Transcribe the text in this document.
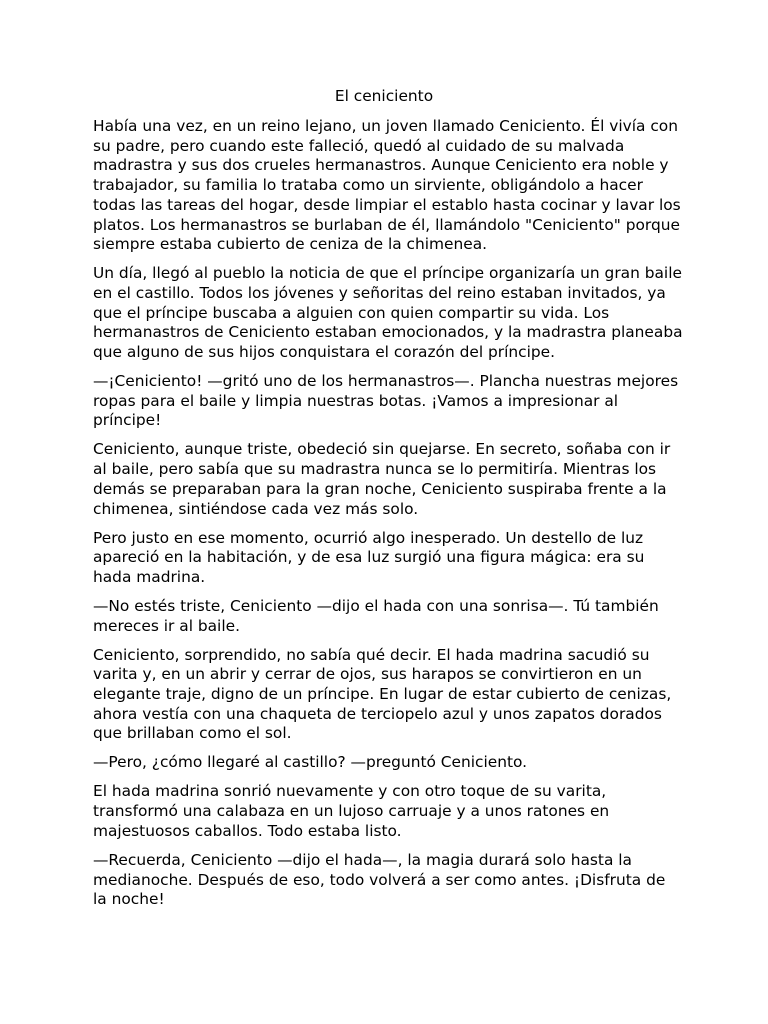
El ceniciento

Había una vez, en un reino lejano, un joven llamado Ceniciento. Él vivía con su padre, pero cuando este falleció, quedó al cuidado de su malvada madrastra y sus dos crueles hermanastros. Aunque Ceniciento era noble y trabajador, su familia lo trataba como un sirviente, obligándolo a hacer todas las tareas del hogar, desde limpiar el establo hasta cocinar y lavar los platos. Los hermanastros se burlaban de él, llamándolo "Ceniciento" porque siempre estaba cubierto de ceniza de la chimenea.

Un día, llegó al pueblo la noticia de que el príncipe organizaría un gran baile en el castillo. Todos los jóvenes y señoritas del reino estaban invitados, ya que el príncipe buscaba a alguien con quien compartir su vida. Los hermanastros de Ceniciento estaban emocionados, y la madrastra planeaba que alguno de sus hijos conquistara el corazón del príncipe.

—¡Ceniciento! —gritó uno de los hermanastros—. Plancha nuestras mejores ropas para el baile y limpia nuestras botas. ¡Vamos a impresionar al príncipe!

Ceniciento, aunque triste, obedeció sin quejarse. En secreto, soñaba con ir al baile, pero sabía que su madrastra nunca se lo permitiría. Mientras los demás se preparaban para la gran noche, Ceniciento suspiraba frente a la chimenea, sintiéndose cada vez más solo.

Pero justo en ese momento, ocurrió algo inesperado. Un destello de luz apareció en la habitación, y de esa luz surgió una figura mágica: era su hada madrina.

—No estés triste, Ceniciento —dijo el hada con una sonrisa—. Tú también mereces ir al baile.

Ceniciento, sorprendido, no sabía qué decir. El hada madrina sacudió su varita y, en un abrir y cerrar de ojos, sus harapos se convirtieron en un elegante traje, digno de un príncipe. En lugar de estar cubierto de cenizas, ahora vestía con una chaqueta de terciopelo azul y unos zapatos dorados que brillaban como el sol.

—Pero, ¿cómo llegaré al castillo? —preguntó Ceniciento.

El hada madrina sonrió nuevamente y con otro toque de su varita, transformó una calabaza en un lujoso carruaje y a unos ratones en majestuosos caballos. Todo estaba listo.

—Recuerda, Ceniciento —dijo el hada—, la magia durará solo hasta la medianoche. Después de eso, todo volverá a ser como antes. ¡Disfruta de la noche!
